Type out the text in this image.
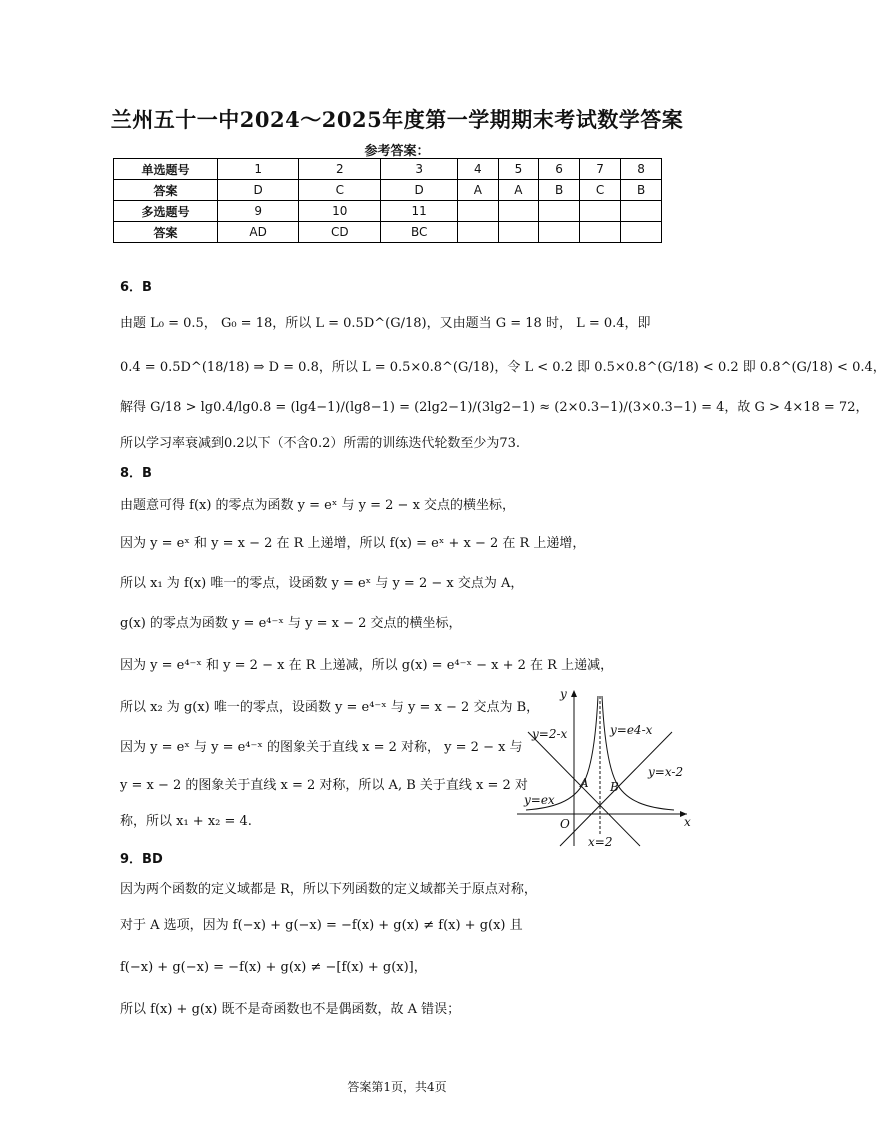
兰州五十一中2024～2025年度第一学期期末考试数学答案
参考答案：
单选题号	1	2	3	4	5	6	7	8
答案	D	C	D	A	A	B	C	B
多选题号	9	10	11					
答案	AD	CD	BC					
6．B
由题 L₀ = 0.5， G₀ = 18，所以 L = 0.5D^(G/18)，又由题当 G = 18 时， L = 0.4，即
0.4 = 0.5D^(18/18) ⇒ D = 0.8，所以 L = 0.5×0.8^(G/18)，令 L < 0.2 即 0.5×0.8^(G/18) < 0.2 即 0.8^(G/18) < 0.4，
解得 G/18 > lg0.4/lg0.8 = (lg4−1)/(lg8−1) = (2lg2−1)/(3lg2−1) ≈ (2×0.3−1)/(3×0.3−1) = 4，故 G > 4×18 = 72，
所以学习率衰减到0.2以下（不含0.2）所需的训练迭代轮数至少为73.
8．B
由题意可得 f(x) 的零点为函数 y = eˣ 与 y = 2 − x 交点的横坐标，
因为 y = eˣ 和 y = x − 2 在 R 上递增，所以 f(x) = eˣ + x − 2 在 R 上递增，
所以 x₁ 为 f(x) 唯一的零点，设函数 y = eˣ 与 y = 2 − x 交点为 A，
g(x) 的零点为函数 y = e⁴⁻ˣ 与 y = x − 2 交点的横坐标，
因为 y = e⁴⁻ˣ 和 y = 2 − x 在 R 上递减，所以 g(x) = e⁴⁻ˣ − x + 2 在 R 上递减，
所以 x₂ 为 g(x) 唯一的零点，设函数 y = e⁴⁻ˣ 与 y = x − 2 交点为 B，
因为 y = eˣ 与 y = e⁴⁻ˣ 的图象关于直线 x = 2 对称， y = 2 − x 与
y = x − 2 的图象关于直线 x = 2 对称，所以 A, B 关于直线 x = 2 对
称，所以 x₁ + x₂ = 4.
y
x
O
y=2-x	y=e4-x
y=x-2
y=ex
A B
x=2
9．BD
因为两个函数的定义域都是 R，所以下列函数的定义域都关于原点对称，
对于 A 选项，因为 f(−x) + g(−x) = −f(x) + g(x) ≠ f(x) + g(x) 且
f(−x) + g(−x) = −f(x) + g(x) ≠ −[f(x) + g(x)]，
所以 f(x) + g(x) 既不是奇函数也不是偶函数，故 A 错误；
答案第1页，共4页
